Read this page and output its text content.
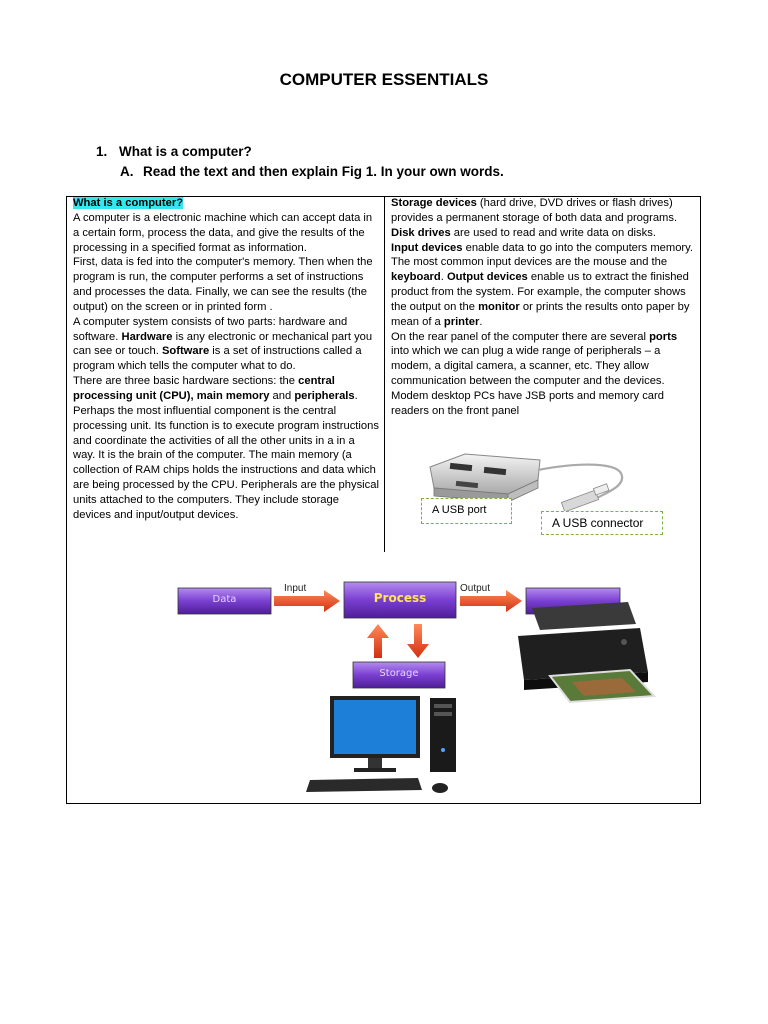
COMPUTER ESSENTIALS
1. What is a computer?
A. Read the text and then explain Fig 1. In your own words.

What is a computer?

A computer is a electronic machine which can accept data in a certain form, process the data, and give the results of the processing in a specified format as information.

First, data is fed into the computer's memory. Then when the program is run, the computer performs a set of instructions and processes the data. Finally, we can see the results (the output) on the screen or in printed form .

A computer system consists of two parts: hardware and software. Hardware is any electronic or mechanical part you can see or touch. Software is a set of instructions called a program which tells the computer what to do.

There are three basic hardware sections: the central processing unit (CPU), main memory and peripherals.

Perhaps the most influential component is the central processing unit. Its function is to execute program instructions and coordinate the activities of all the other units in a in a way. It is the brain of the computer. The main memory (a collection of RAM chips holds the instructions and data which are being processed by the CPU. Peripherals are the physical units attached to the computers. They include storage devices and input/output devices.

Storage devices (hard drive, DVD drives or flash drives) provides a permanent storage of both data and programs.

Disk drives are used to read and write data on disks.

Input devices enable data to go into the computers memory. The most common input devices are the mouse and the keyboard. Output devices enable us to extract the finished product from the system. For example, the computer shows the output on the monitor or prints the results onto paper by mean of a printer.

On the rear panel of the computer there are several ports into which we can plug a wide range of peripherals – a modem, a digital camera, a scanner, etc. They allow communication between the computer and the devices. Modem desktop PCs have JSB ports and memory card readers on the front panel

A USB port
A USB connector
Data	Process
Storage
Input	Output
